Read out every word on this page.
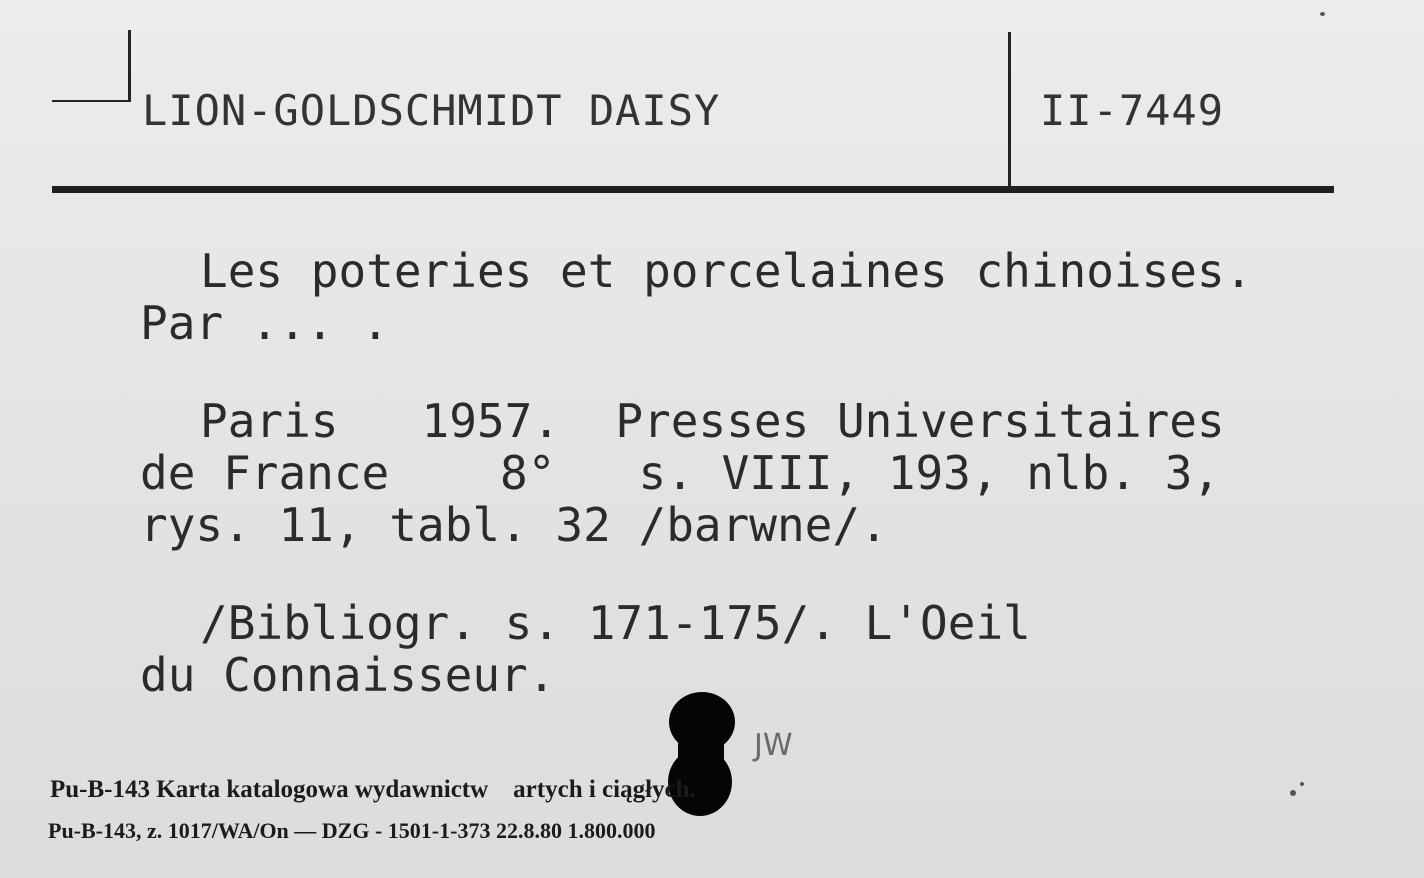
LION-GOLDSCHMIDT DAISY	II-7449
Les poteries et porcelaines chinoises.
Par ... .
Paris   1957.  Presses Universitaires
de France    8°   s. VIII, 193, nlb. 3,
rys. 11, tabl. 32 /barwne/.
/Bibliogr. s. 171-175/. L'Oeil
du Connaisseur.
JW
Pu-B-143 Karta katalogowa wydawnictw    artych i ciągłych.
Pu-B-143, z. 1017/WA/On — DZG - 1501-1-373 22.8.80 1.800.000
